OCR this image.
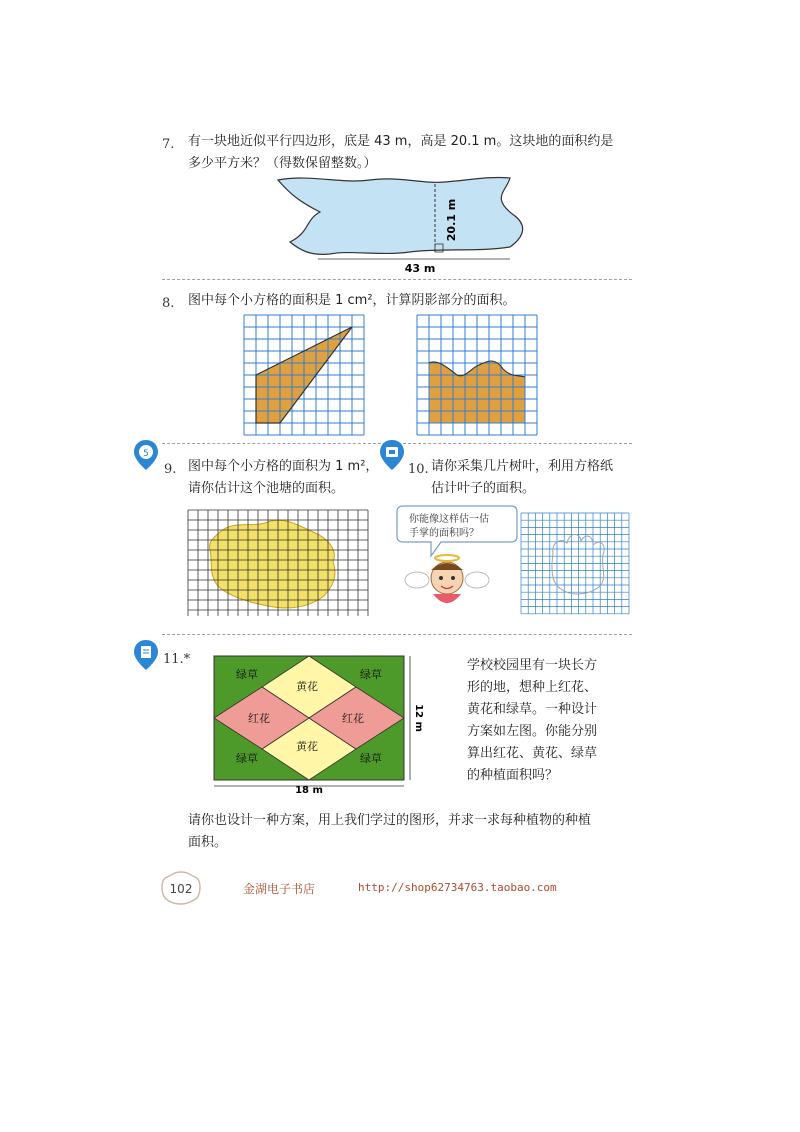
7. 有一块地近似平行四边形，底是 43 m，高是 20.1 m。这块地的面积约是
多少平方米？（得数保留整数。）
43 m
20.1 m
8. 图中每个小方格的面积是 1 cm²，计算阴影部分的面积。
5
9. 图中每个小方格的面积为 1 m²，
请你估计这个池塘的面积。
10. 请你采集几片树叶，利用方格纸
估计叶子的面积。
你能像这样估一估
手掌的面积吗？
11.*
绿草	绿草
绿草	绿草
黄花
黄花
红花	红花
18 m
12 m
学校校园里有一块长方
形的地，想种上红花、
黄花和绿草。一种设计
方案如左图。你能分别
算出红花、黄花、绿草
的种植面积吗？
请你也设计一种方案，用上我们学过的图形，并求一求每种植物的种植
面积。
102	金湖电子书店	http://shop62734763.taobao.com
